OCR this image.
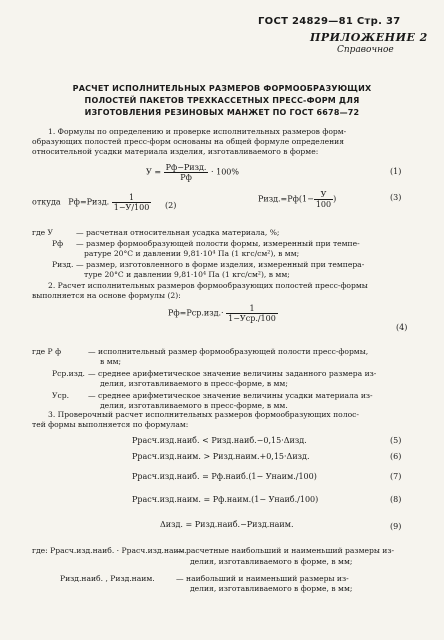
ГОСТ 24829—81 Стр. 37
ПРИЛОЖЕНИЕ 2
Справочное
РАСЧЕТ ИСПОЛНИТЕЛЬНЫХ РАЗМЕРОВ ФОРМООБРАЗУЮЩИХ
ПОЛОСТЕЙ ПАКЕТОВ ТРЕХКАССЕТНЫХ ПРЕСС-ФОРМ ДЛЯ
ИЗГОТОВЛЕНИЯ РЕЗИНОВЫХ МАНЖЕТ ПО ГОСТ 6678—72
1. Формулы по определению и проверке исполнительных размеров форм-
образующих полостей пресс-форм основаны на общей формуле определения
относительной усадки материала изделия, изготавливаемого в форме:
$У = \frac{\text{Pф−Pизд.}}{Pф} \cdot 100\%$	(1)
откуда Pф=Pизд. $\frac{1}{1-У/100} (2)$
Pизд.=Pф(1− $\frac{У}{100}$ )	(3)
где У	— расчетная относительная усадка материала, %;
Pф — размер формообразующей полости формы, измеренный при темпе-
ратуре 20°С и давлении 9,81·10⁴ Па (1 кгс/см²), в мм;
Pизд. — размер, изготовленного в форме изделия, измеренный при темпера-
туре 20°С и давлении 9,81·10⁴ Па (1 кгс/см²), в мм;
2. Расчет исполнительных размеров формообразующих полостей пресс-формы
выполняется на основе формулы (2):
$Pф=Pср.изд.\cdot \frac{1}{\text{1−Уср./100}}$
(4)
где P ф	— исполнительный размер формообразующей полости пресс-формы,
в мм;
Pср.изд. — среднее арифметическое значение величины заданного размера из-
делия, изготавливаемого в пресс-форме, в мм;
Уср. — среднее арифметическое значение величины усадки материала из-
делия, изготавливаемого в пресс-форме, в мм.
3. Проверочный расчет исполнительных размеров формообразующих полос-
тей формы выполняется по формулам:
Pрасч.изд.наиб. < Pизд.наиб.−0,15·Δизд.	(5)
Pрасч.изд.наим. > Pизд.наим.+0,15·Δизд.	(6)
Pрасч.изд.наиб. = Pф.наиб.(1− Унаим./100)	(7)
Pрасч.изд.наим. = Pф.наим.(1− Унаиб./100)	(8)
Δизд. = Pизд.наиб.−Pизд.наим.	(9)
где: Pрасч.изд.наиб. · Pрасч.изд.наим.
— расчетные наибольший и наименьший размеры из-
делия, изготавливаемого в форме, в мм;
Pизд.наиб. , Pизд.наим.	— наибольший и наименьший размеры из-
делия, изготавливаемого в форме, в мм;
